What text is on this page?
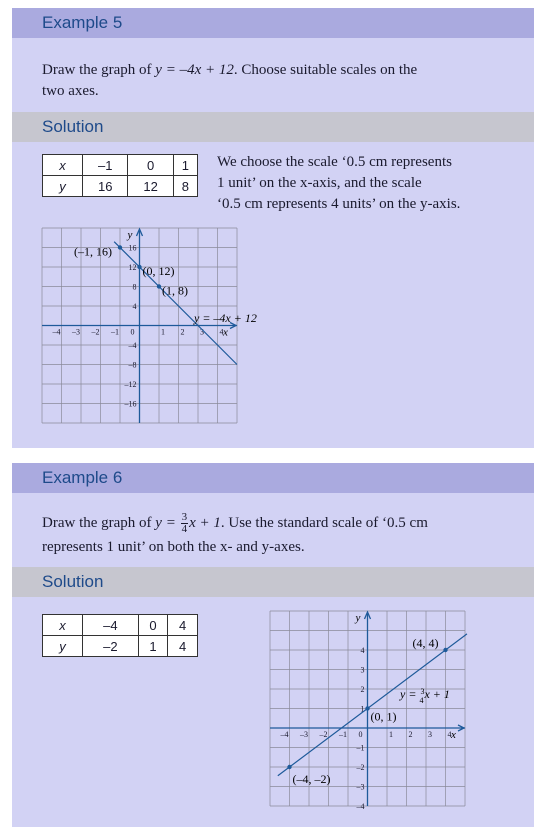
Example 5
Draw the graph of y = –4x + 12. Choose suitable scales on the
two axes.
Solution
x	–1	0	1
y	16	12	8
We choose the scale ‘0.5 cm represents
1 unit’ on the x-axis, and the scale
‘0.5 cm represents 4 units’ on the y-axis.
–4 –3 –2 –1 0	1 2 3 4
16
12
8
4
–4
–8
–12
–16
(–1, 16)
(0, 12)
(1, 8)
x
y
y = –4x + 12
Example 6
Draw the graph of $y = \frac{3}{4}$ x + 1. Use the standard scale of ‘0.5 cm
represents 1 unit’ on both the x- and y-axes.
Solution
x	–4	0	4
y	–2	1	4
–4 –3 –2 –1 0	1 2 3 4
4
3
2
1
–1
–2
–3
–4
(4, 4)
(0, 1)
(–4, –2)
x
y
y = $^3$ 4x + 1
